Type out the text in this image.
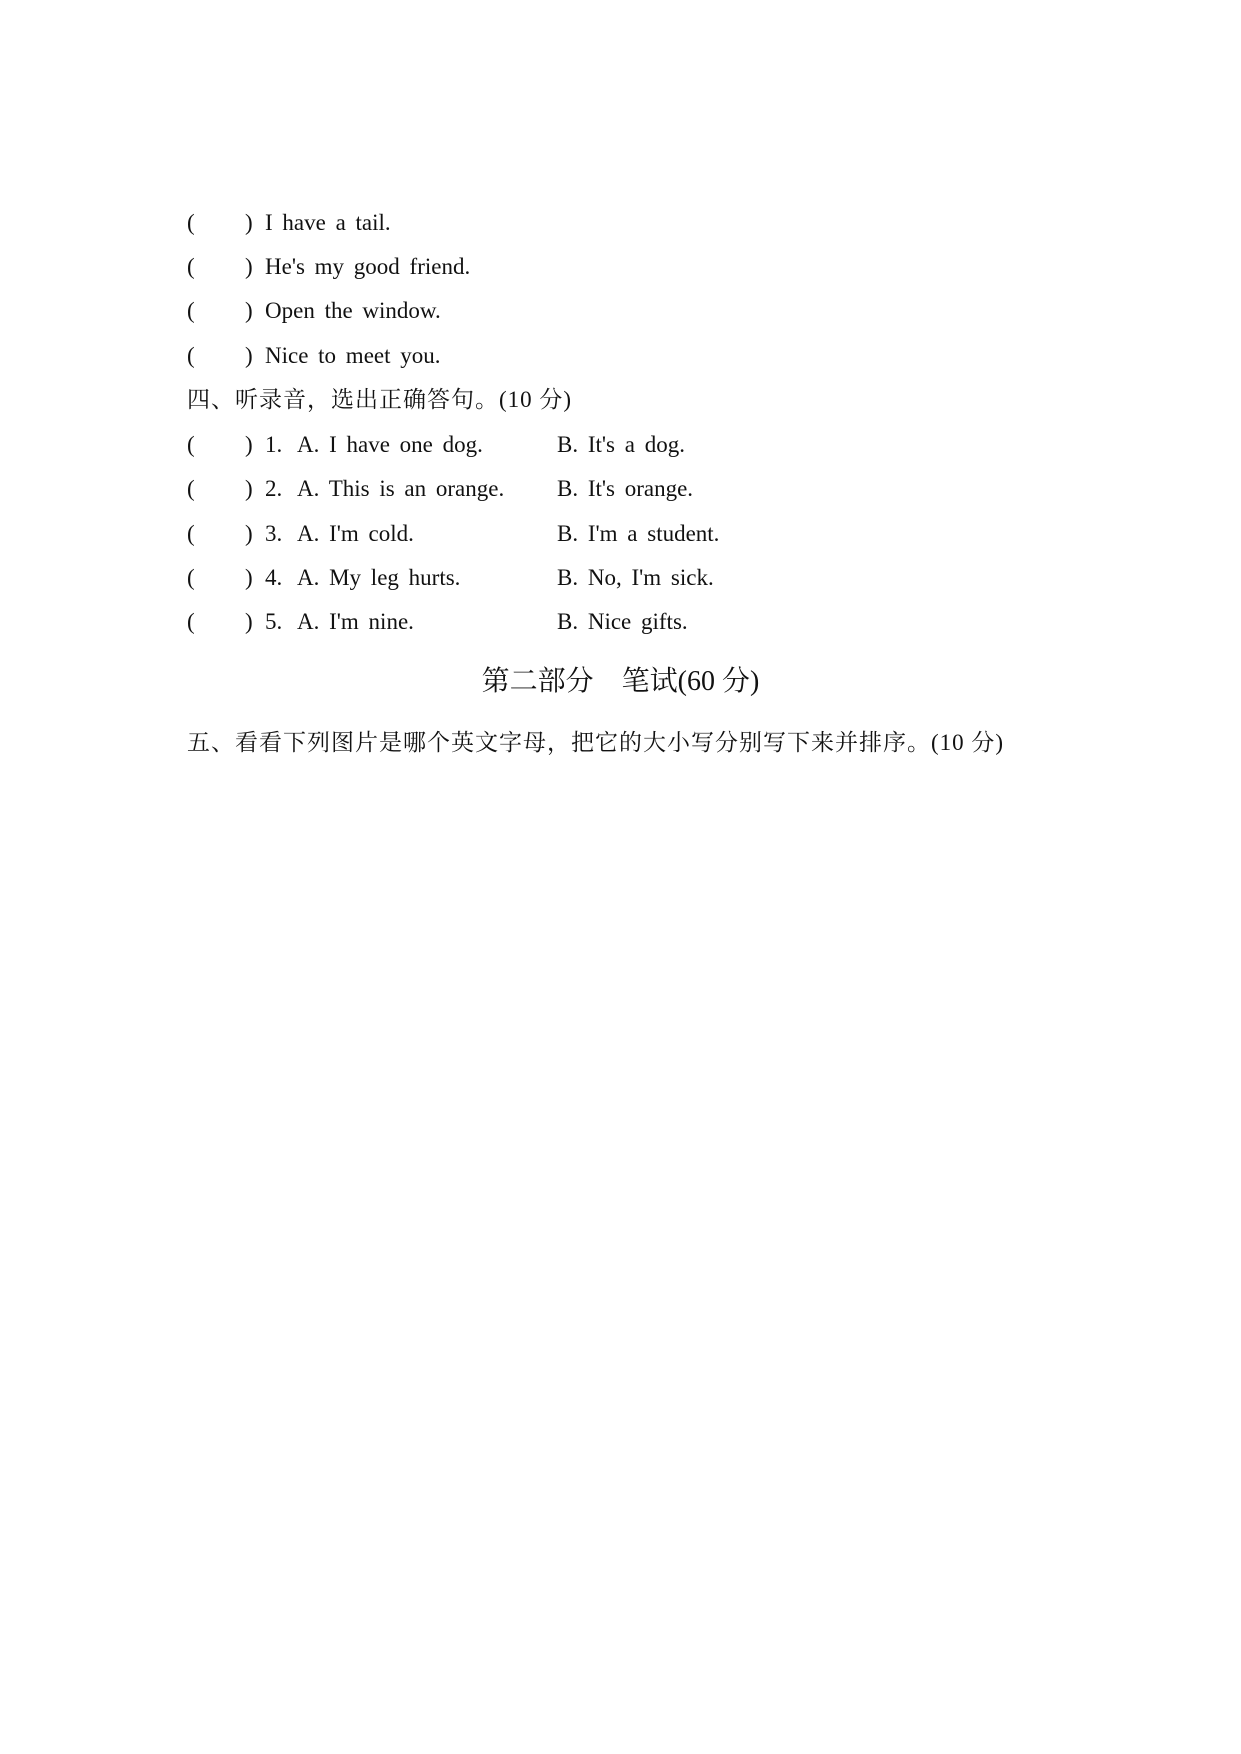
( ) I have a tail.
( ) He's my good friend.
( ) Open the window.
( ) Nice to meet you.
四、听录音，选出正确答句。(10 分)
( ) 1. A. I have one dog.	B. It's a dog.
( ) 2. A. This is an orange. B. It's orange.
( ) 3. A. I'm cold.	B. I'm a student.
( ) 4. A. My leg hurts.	B. No, I'm sick.
( ) 5. A. I'm nine.	B. Nice gifts.
第二部分　笔试(60 分)
五、看看下列图片是哪个英文字母，把它的大小写分别写下来并排序。(10 分)
